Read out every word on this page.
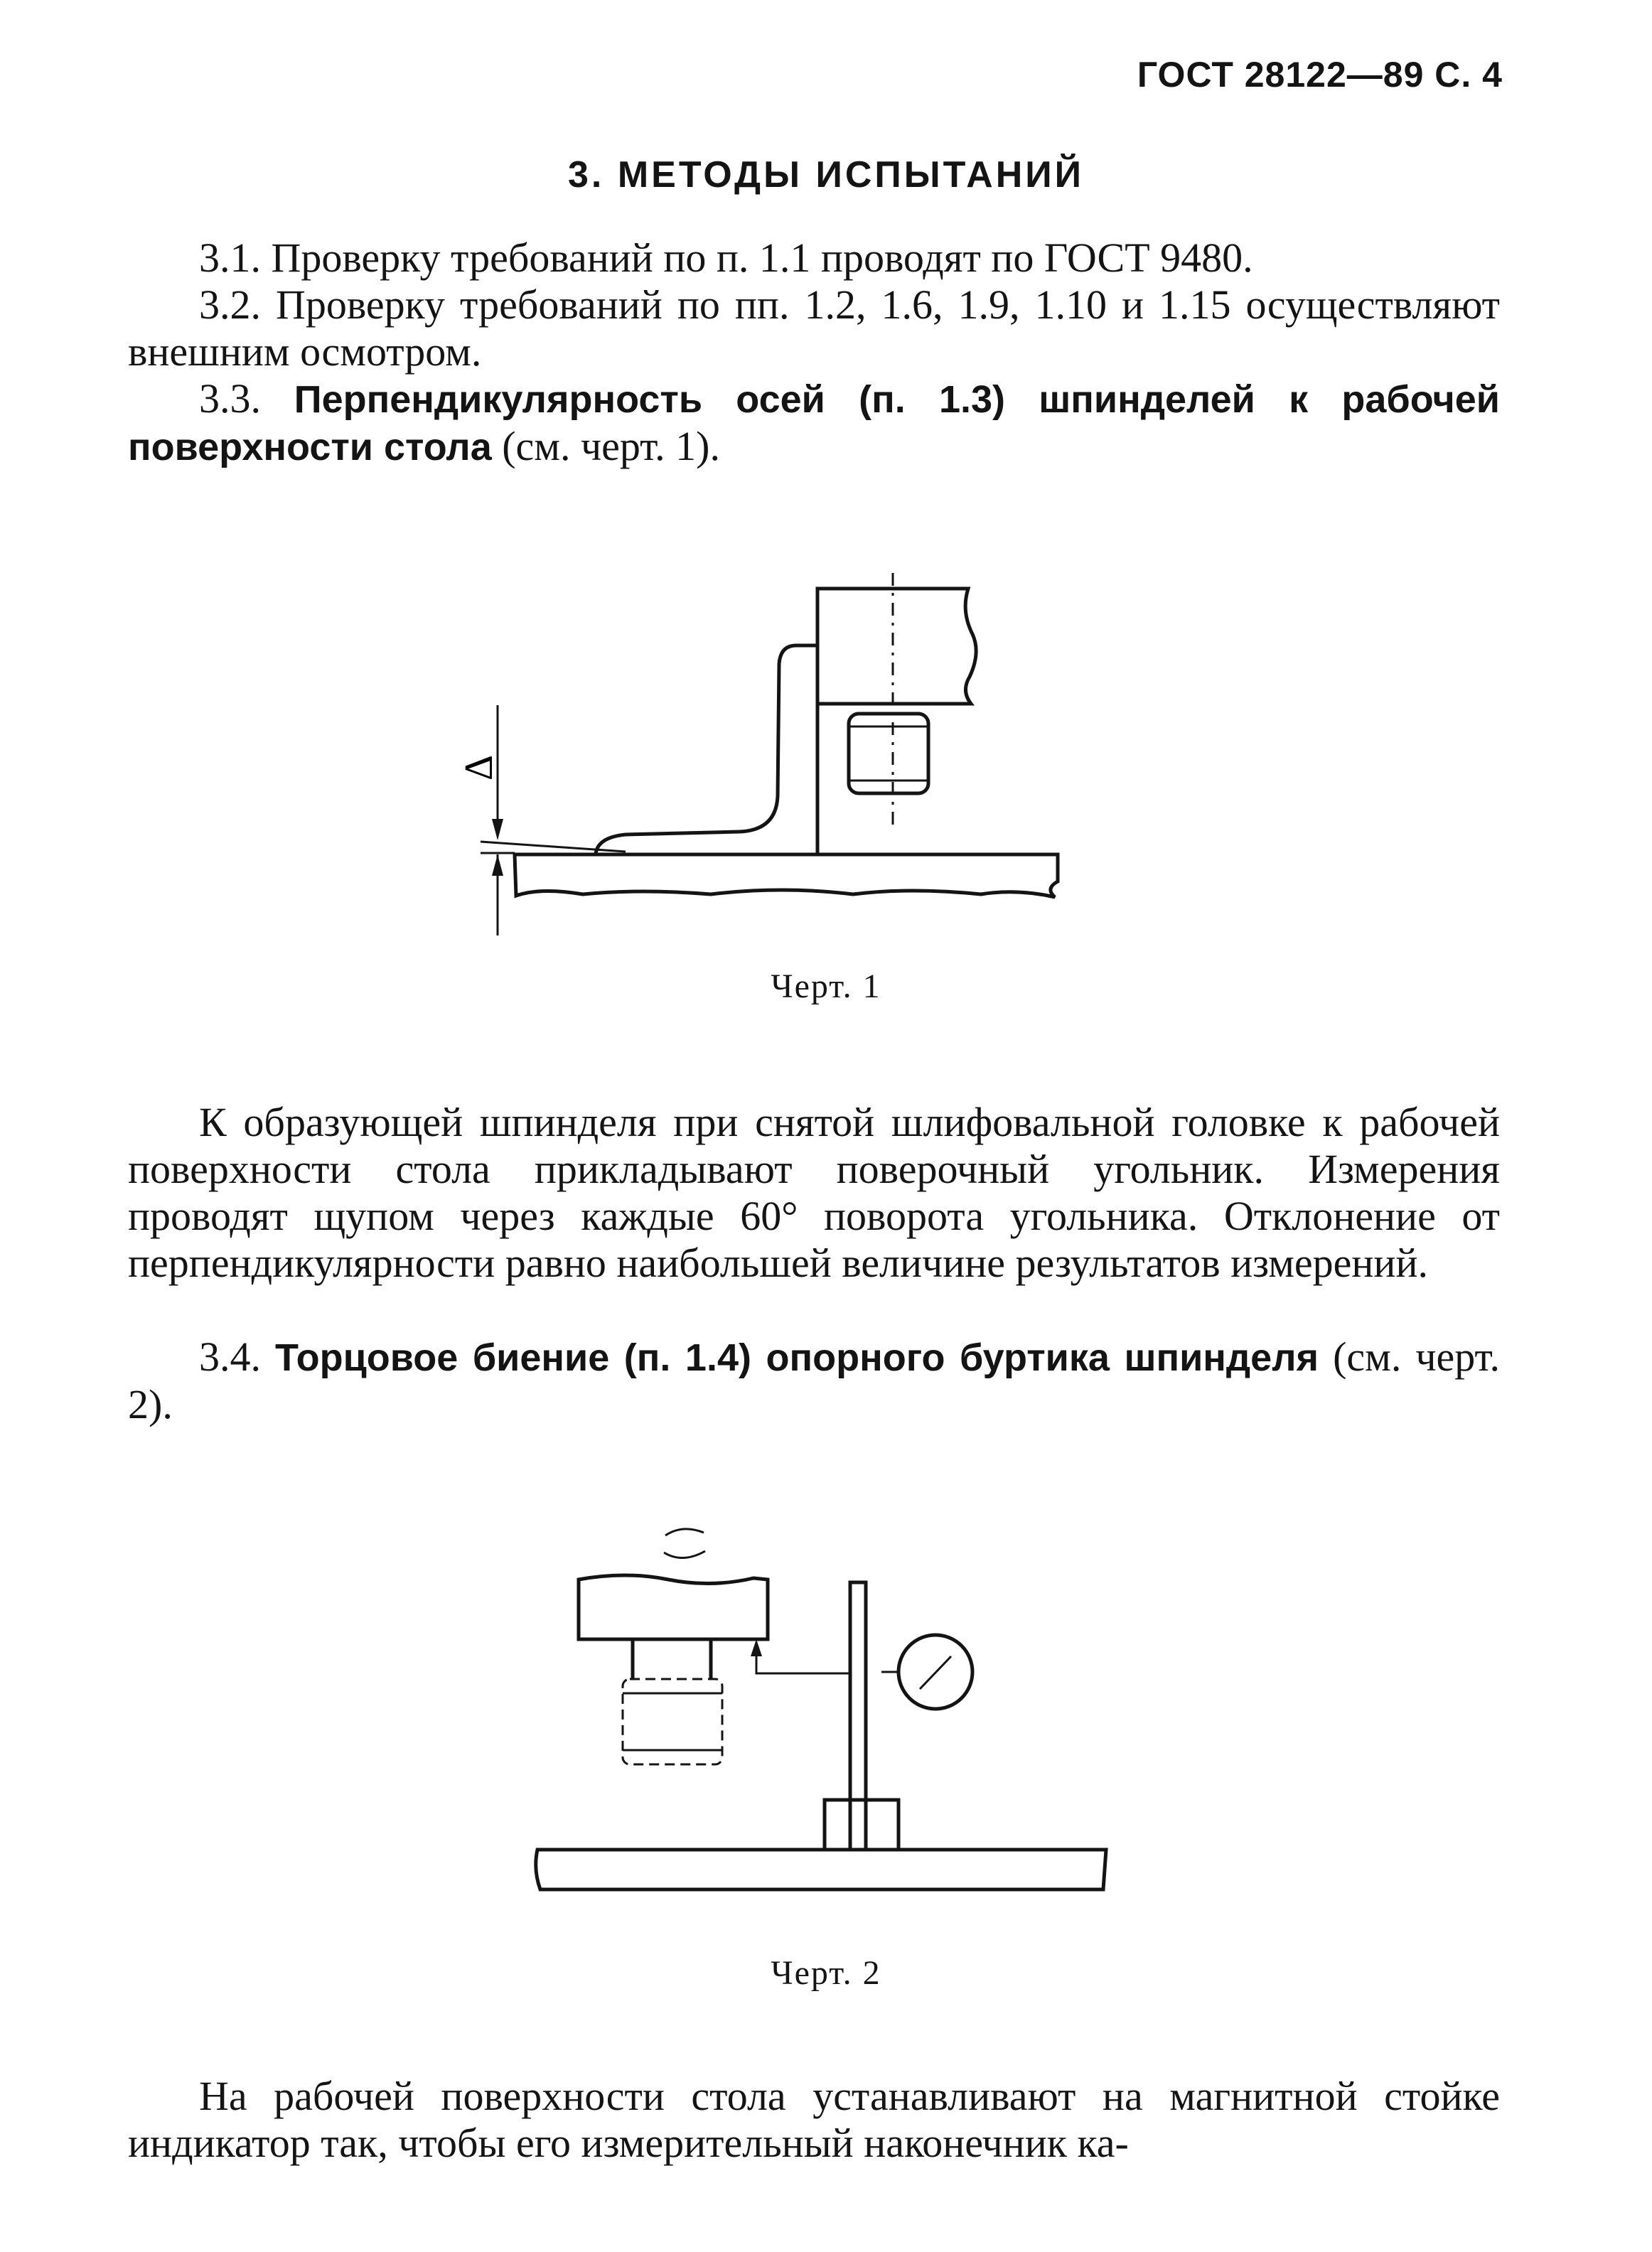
ГОСТ 28122—89 С. 4
3. МЕТОДЫ ИСПЫТАНИЙ
3.1. Проверку требований по п. 1.1 проводят по ГОСТ 9480.
3.2. Проверку требований по пп. 1.2, 1.6, 1.9, 1.10 и 1.15 осуществляют внешним осмотром.
3.3. Перпендикулярность осей (п. 1.3) шпинделей к рабочей поверхности стола (см. черт. 1).
Δ
Черт. 1
К образующей шпинделя при снятой шлифовальной головке к рабочей поверхности стола прикладывают поверочный угольник. Измерения проводят щупом через каждые 60° поворота угольника. Отклонение от перпендикулярности равно наибольшей величине результатов измерений.
3.4. Торцовое биение (п. 1.4) опорного буртика шпинделя (см. черт. 2).
Черт. 2
На рабочей поверхности стола устанавливают на магнитной стойке индикатор так, чтобы его измерительный наконечник ка-
